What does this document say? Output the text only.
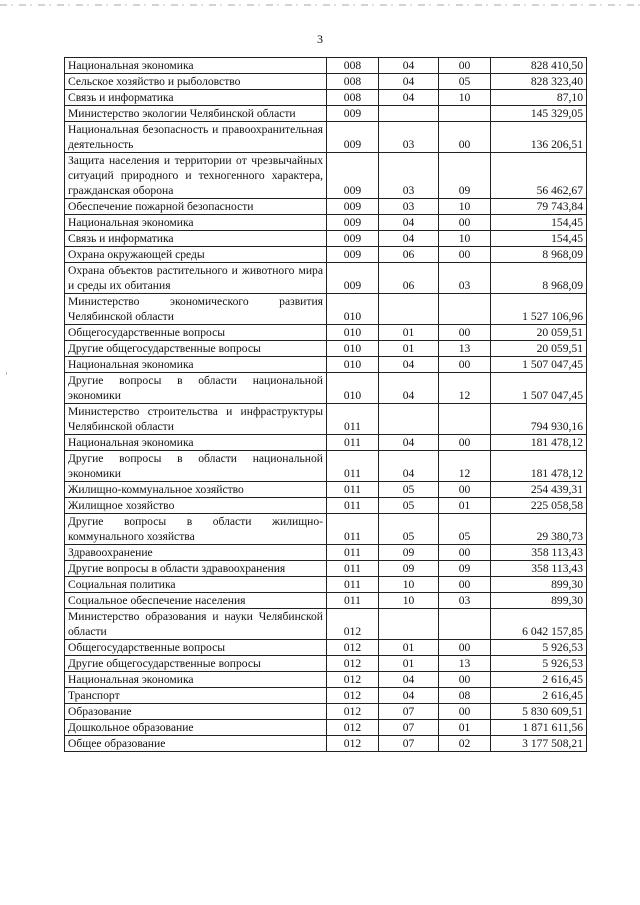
3
Национальная экономика	008	04	00	828 410,50
Сельское хозяйство и рыболовство	008	04	05	828 323,40
Связь и информатика	008	04	10	87,10
Министерство экологии Челябинской области	009			145 329,05
Национальная безопасность и правоохранительная деятельность	009	03	00	136 206,51
Защита населения и территории от чрезвычайных ситуаций природного и техногенного характера, гражданская оборона	009	03	09	56 462,67
Обеспечение пожарной безопасности	009	03	10	79 743,84
Национальная экономика	009	04	00	154,45
Связь и информатика	009	04	10	154,45
Охрана окружающей среды	009	06	00	8 968,09
Охрана объектов растительного и животного мира и среды их обитания	009	06	03	8 968,09
Министерство экономического развития Челябинской области	010			1 527 106,96
Общегосударственные вопросы	010	01	00	20 059,51
Другие общегосударственные вопросы	010	01	13	20 059,51
Национальная экономика	010	04	00	1 507 047,45
Другие вопросы в области национальной экономики	010	04	12	1 507 047,45
Министерство строительства и инфраструктуры Челябинской области	011			794 930,16
Национальная экономика	011	04	00	181 478,12
Другие вопросы в области национальной экономики	011	04	12	181 478,12
Жилищно-коммунальное хозяйство	011	05	00	254 439,31
Жилищное хозяйство	011	05	01	225 058,58
Другие вопросы в области жилищно-коммунального хозяйства	011	05	05	29 380,73
Здравоохранение	011	09	00	358 113,43
Другие вопросы в области здравоохранения	011	09	09	358 113,43
Социальная политика	011	10	00	899,30
Социальное обеспечение населения	011	10	03	899,30
Министерство образования и науки Челябинской области	012			6 042 157,85
Общегосударственные вопросы	012	01	00	5 926,53
Другие общегосударственные вопросы	012	01	13	5 926,53
Национальная экономика	012	04	00	2 616,45
Транспорт	012	04	08	2 616,45
Образование	012	07	00	5 830 609,51
Дошкольное образование	012	07	01	1 871 611,56
Общее образование	012	07	02	3 177 508,21
